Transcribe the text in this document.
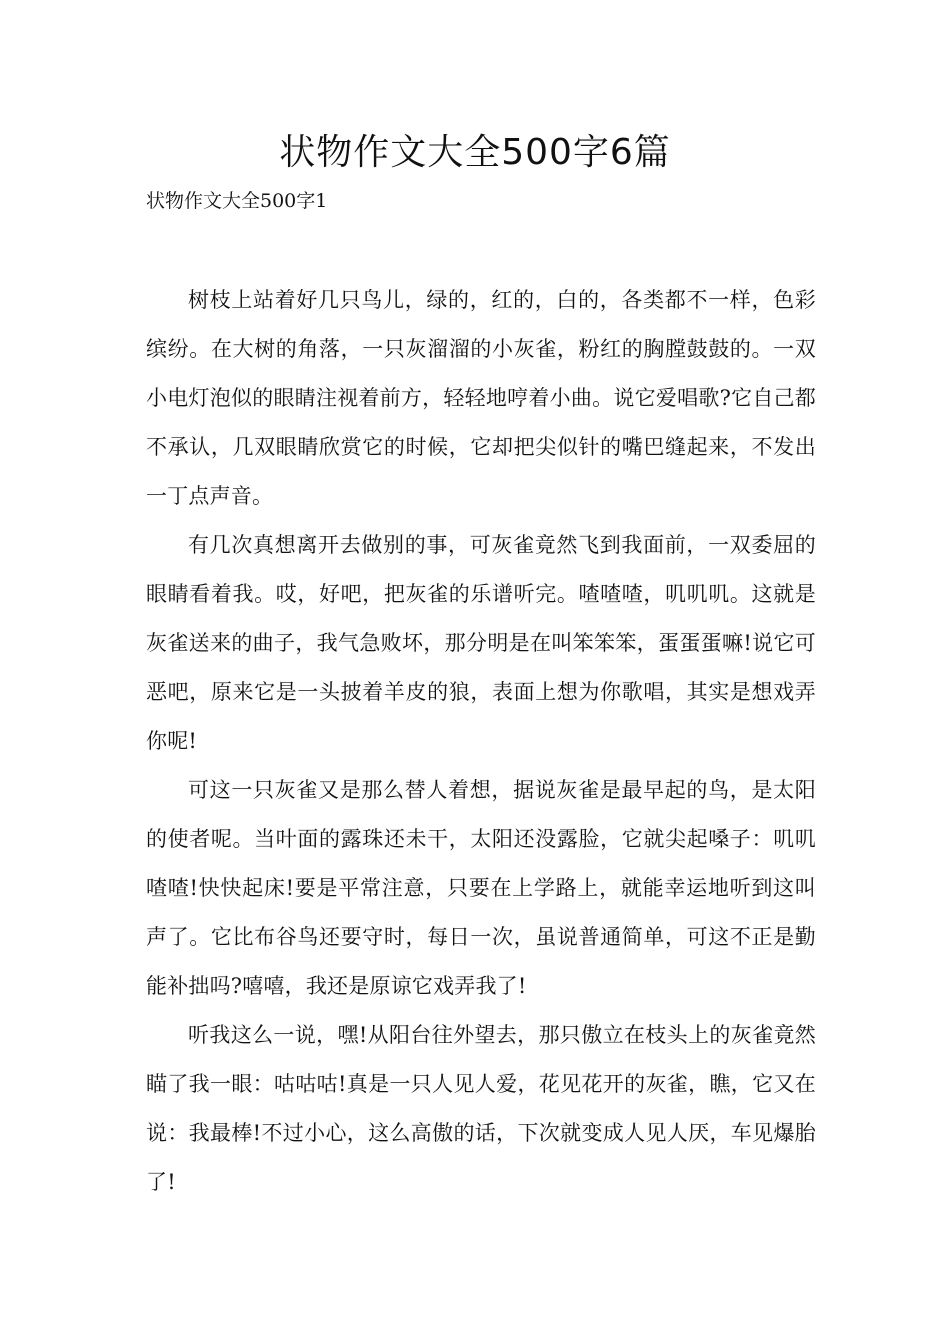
状物作文大全500字6篇

状物作文大全500字1

树枝上站着好几只鸟儿，绿的，红的，白的，各类都不一样，色彩缤纷。在大树的角落，一只灰溜溜的小灰雀，粉红的胸膛鼓鼓的。一双小电灯泡似的眼睛注视着前方，轻轻地哼着小曲。说它爱唱歌?它自己都不承认，几双眼睛欣赏它的时候，它却把尖似针的嘴巴缝起来，不发出一丁点声音。

有几次真想离开去做别的事，可灰雀竟然飞到我面前，一双委屈的眼睛看着我。哎，好吧，把灰雀的乐谱听完。喳喳喳，叽叽叽。这就是灰雀送来的曲子，我气急败坏，那分明是在叫笨笨笨，蛋蛋蛋嘛!说它可恶吧，原来它是一头披着羊皮的狼，表面上想为你歌唱，其实是想戏弄你呢!

可这一只灰雀又是那么替人着想，据说灰雀是最早起的鸟，是太阳的使者呢。当叶面的露珠还未干，太阳还没露脸，它就尖起嗓子：叽叽喳喳!快快起床!要是平常注意，只要在上学路上，就能幸运地听到这叫声了。它比布谷鸟还要守时，每日一次，虽说普通简单，可这不正是勤能补拙吗?嘻嘻，我还是原谅它戏弄我了!

听我这么一说，嘿!从阳台往外望去，那只傲立在枝头上的灰雀竟然瞄了我一眼：咕咕咕!真是一只人见人爱，花见花开的灰雀，瞧，它又在说：我最棒!不过小心，这么高傲的话，下次就变成人见人厌，车见爆胎了!
